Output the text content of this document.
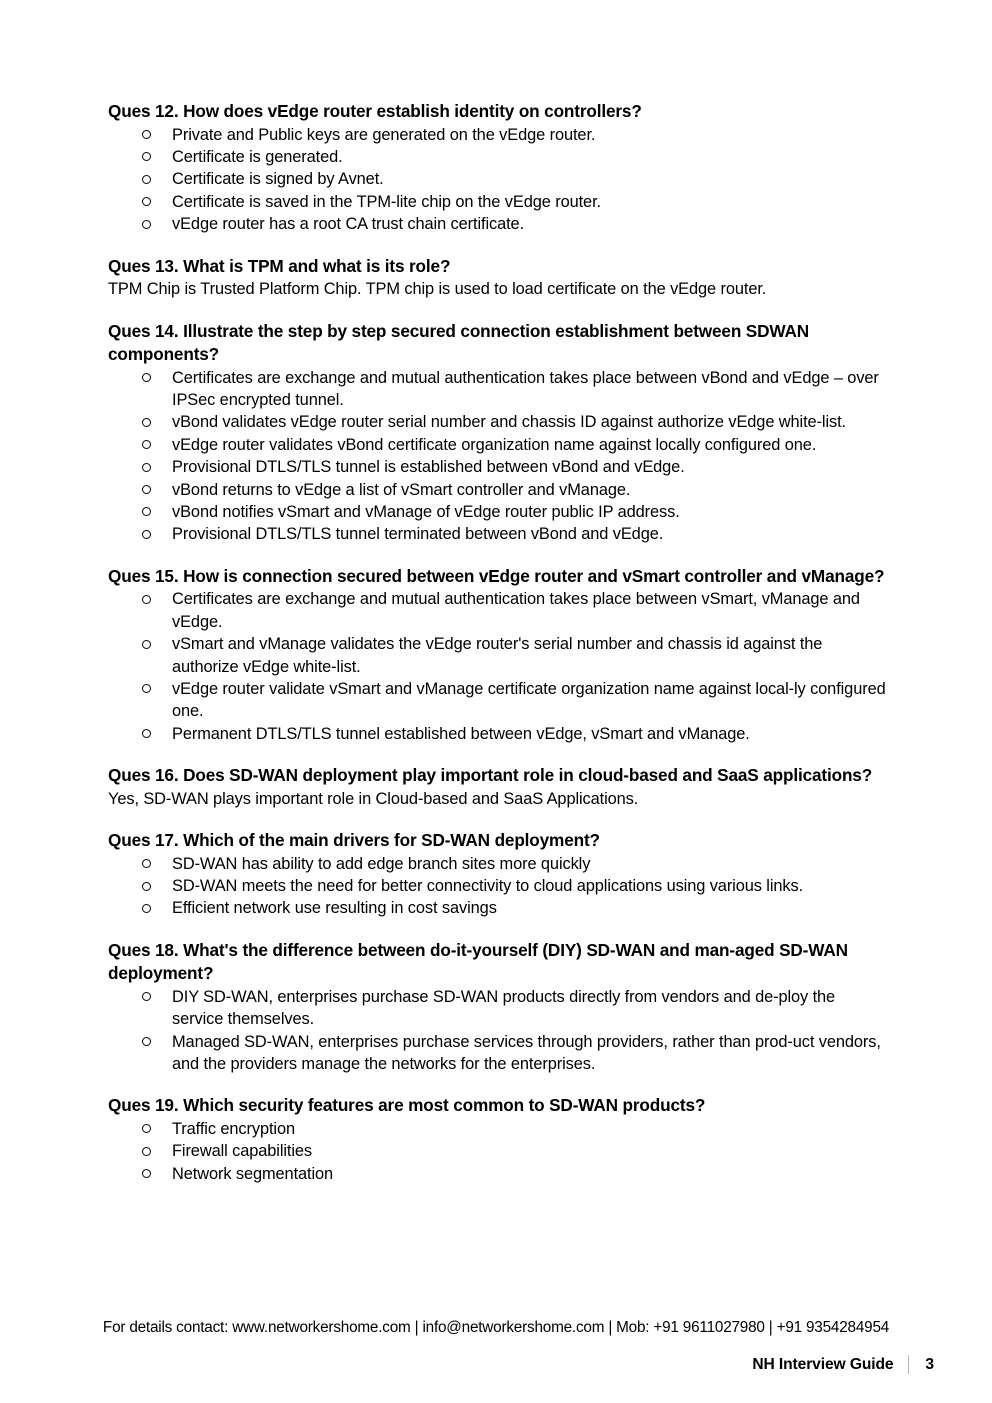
Ques 12. How does vEdge router establish identity on controllers?
Private and Public keys are generated on the vEdge router.
Certificate is generated.
Certificate is signed by Avnet.
Certificate is saved in the TPM-lite chip on the vEdge router.
vEdge router has a root CA trust chain certificate.
Ques 13. What is TPM and what is its role?
TPM Chip is Trusted Platform Chip. TPM chip is used to load certificate on the vEdge router.
Ques 14. Illustrate the step by step secured connection establishment between SDWAN components?
Certificates are exchange and mutual authentication takes place between vBond and vEdge – over IPSec encrypted tunnel.
vBond validates vEdge router serial number and chassis ID against authorize vEdge white-list.
vEdge router validates vBond certificate organization name against locally configured one.
Provisional DTLS/TLS tunnel is established between vBond and vEdge.
vBond returns to vEdge a list of vSmart controller and vManage.
vBond notifies vSmart and vManage of vEdge router public IP address.
Provisional DTLS/TLS tunnel terminated between vBond and vEdge.
Ques 15. How is connection secured between vEdge router and vSmart controller and vManage?
Certificates are exchange and mutual authentication takes place between vSmart, vManage and vEdge.
vSmart and vManage validates the vEdge router's serial number and chassis id against the authorize vEdge white-list.
vEdge router validate vSmart and vManage certificate organization name against local-ly configured one.
Permanent DTLS/TLS tunnel established between vEdge, vSmart and vManage.
Ques 16. Does SD-WAN deployment play important role in cloud-based and SaaS applications?
Yes, SD-WAN plays important role in Cloud-based and SaaS Applications.
Ques 17. Which of the main drivers for SD-WAN deployment?
SD-WAN has ability to add edge branch sites more quickly
SD-WAN meets the need for better connectivity to cloud applications using various links.
Efficient network use resulting in cost savings
Ques 18. What's the difference between do-it-yourself (DIY) SD-WAN and man-aged SD-WAN deployment?
DIY SD-WAN, enterprises purchase SD-WAN products directly from vendors and de-ploy the service themselves.
Managed SD-WAN, enterprises purchase services through providers, rather than prod-uct vendors, and the providers manage the networks for the enterprises.
Ques 19. Which security features are most common to SD-WAN products?
Traffic encryption
Firewall capabilities
Network segmentation
For details contact: www.networkershome.com | info@networkershome.com | Mob: +91 9611027980 | +91 9354284954
NH Interview Guide 3
